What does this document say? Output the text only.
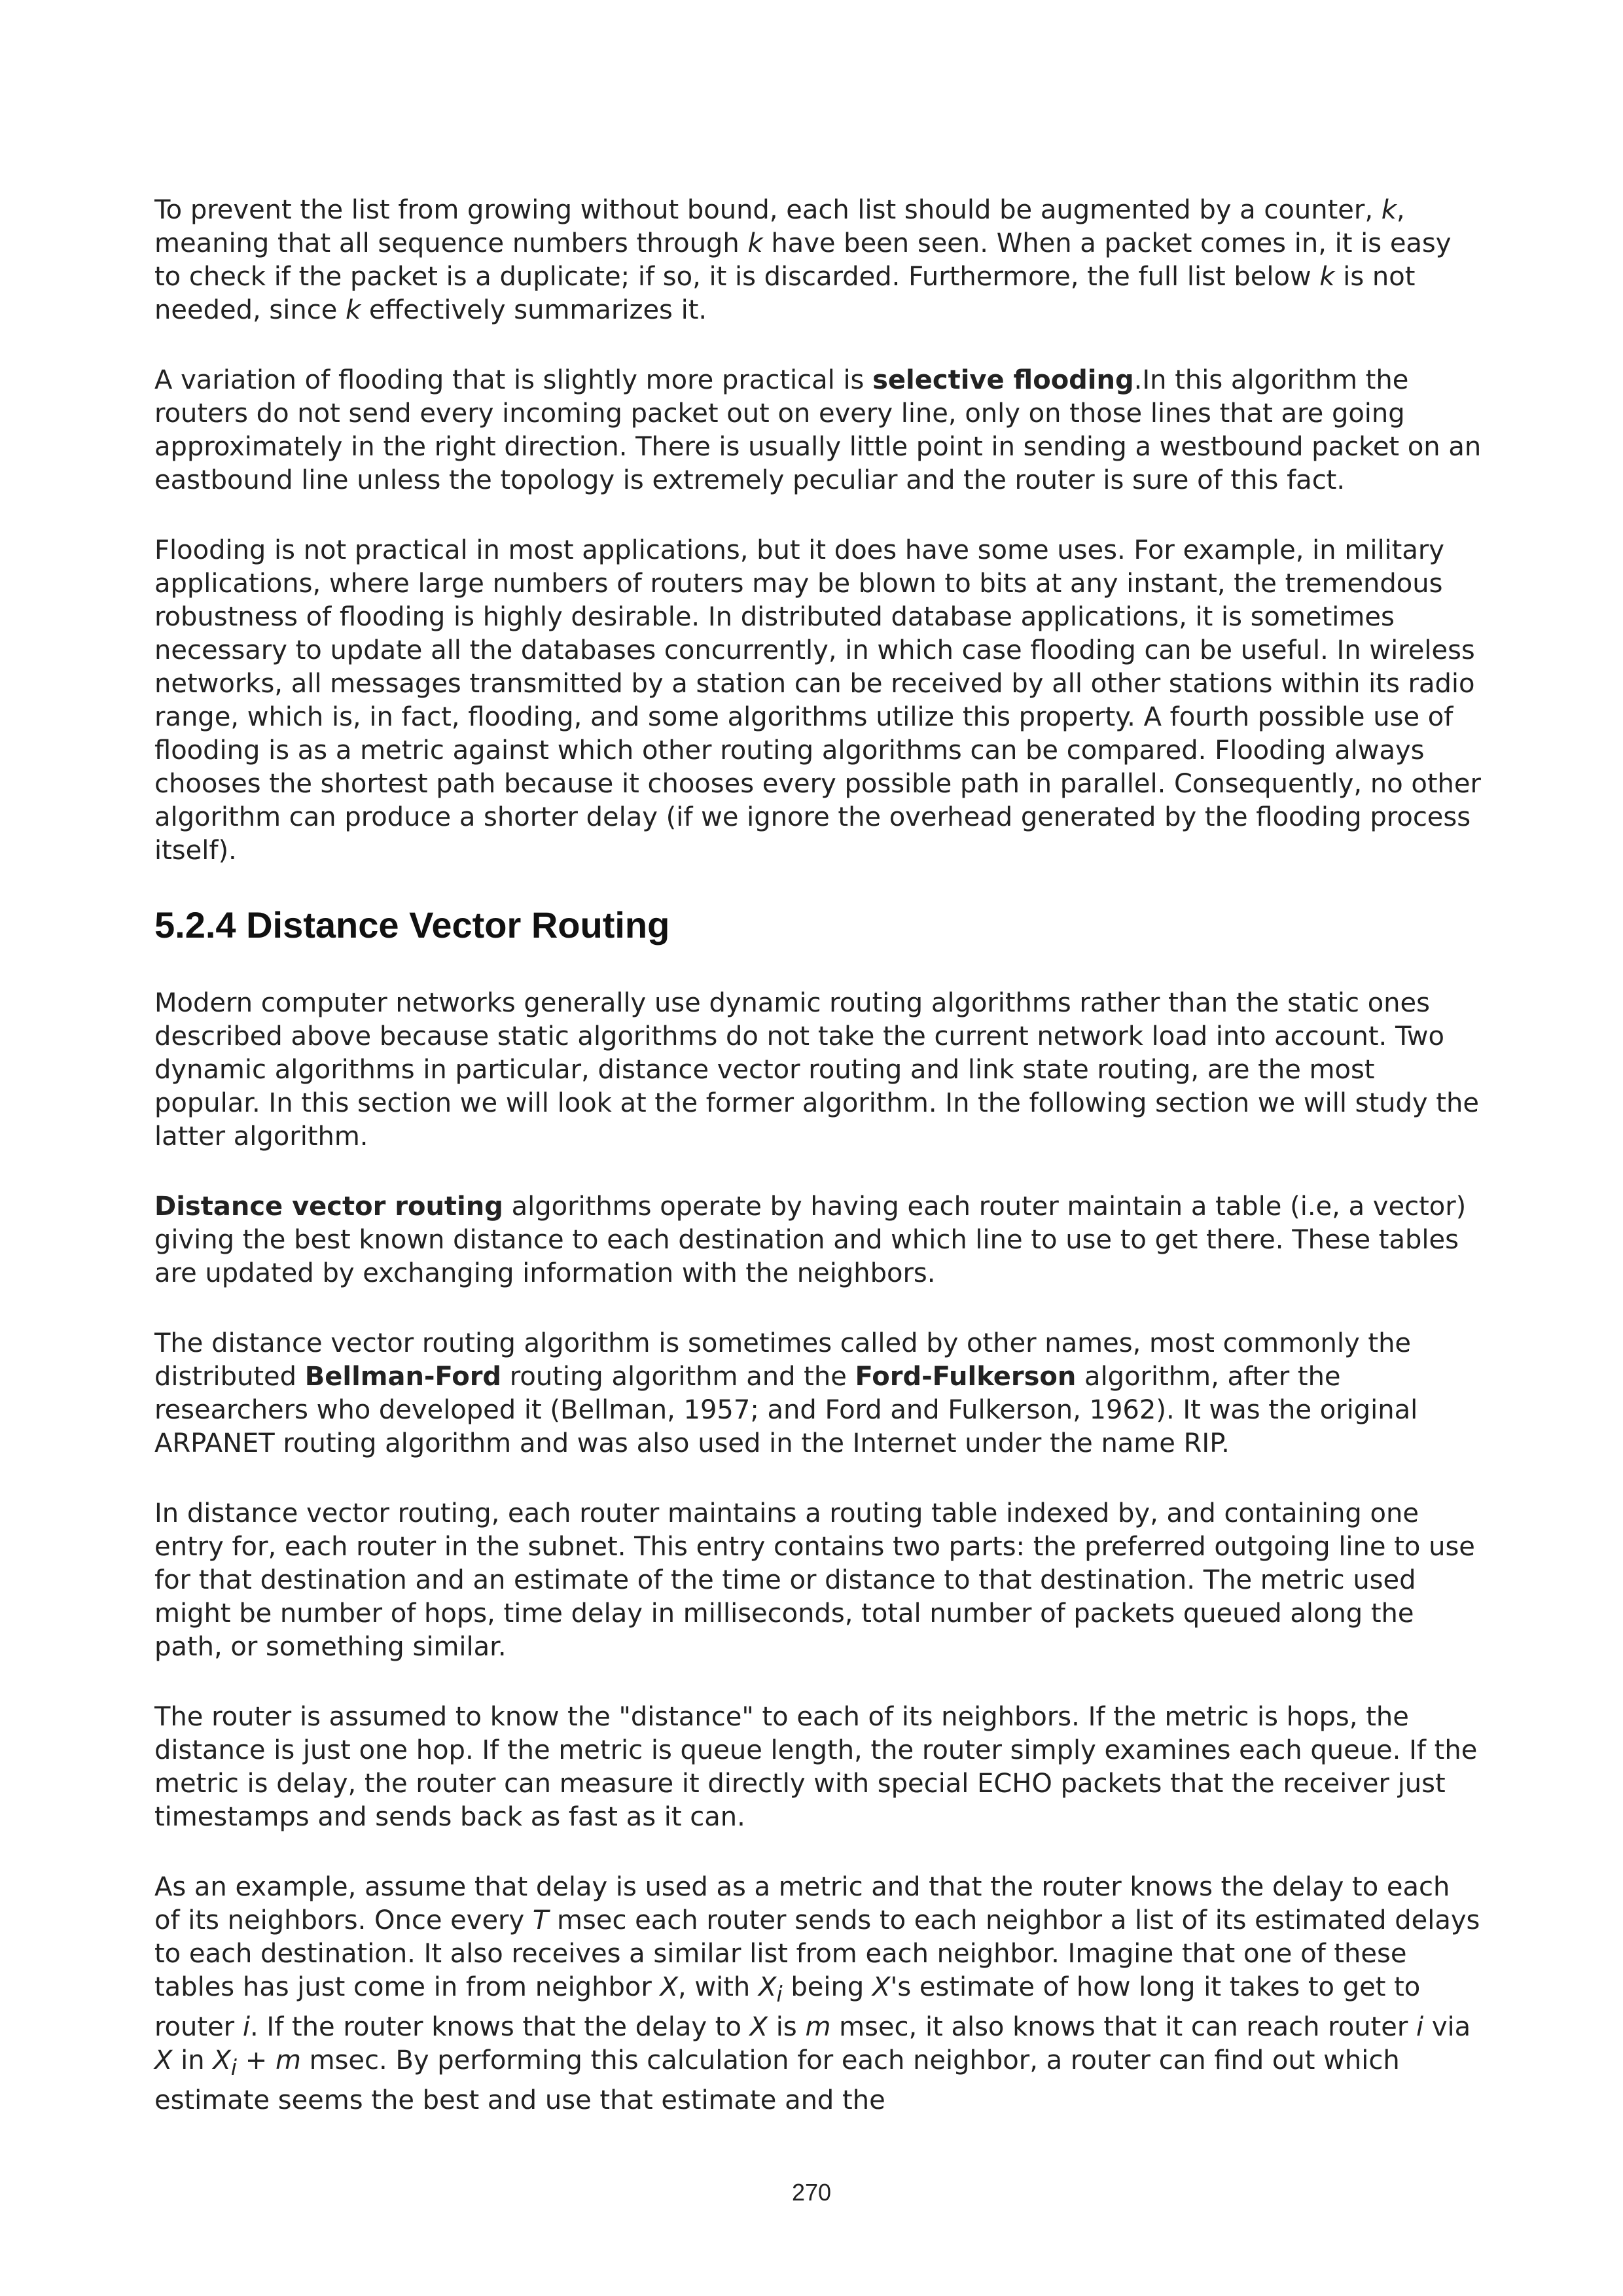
To prevent the list from growing without bound, each list should be augmented by a counter, k, meaning that all sequence numbers through k have been seen. When a packet comes in, it is easy to check if the packet is a duplicate; if so, it is discarded. Furthermore, the full list below k is not needed, since k effectively summarizes it.

A variation of flooding that is slightly more practical is selective flooding.In this algorithm the routers do not send every incoming packet out on every line, only on those lines that are going approximately in the right direction. There is usually little point in sending a westbound packet on an eastbound line unless the topology is extremely peculiar and the router is sure of this fact.

Flooding is not practical in most applications, but it does have some uses. For example, in military applications, where large numbers of routers may be blown to bits at any instant, the tremendous robustness of flooding is highly desirable. In distributed database applications, it is sometimes necessary to update all the databases concurrently, in which case flooding can be useful. In wireless networks, all messages transmitted by a station can be received by all other stations within its radio range, which is, in fact, flooding, and some algorithms utilize this property. A fourth possible use of flooding is as a metric against which other routing algorithms can be compared. Flooding always chooses the shortest path because it chooses every possible path in parallel. Consequently, no other algorithm can produce a shorter delay (if we ignore the overhead generated by the flooding process itself).

5.2.4 Distance Vector Routing

Modern computer networks generally use dynamic routing algorithms rather than the static ones described above because static algorithms do not take the current network load into account. Two dynamic algorithms in particular, distance vector routing and link state routing, are the most popular. In this section we will look at the former algorithm. In the following section we will study the latter algorithm.

Distance vector routing algorithms operate by having each router maintain a table (i.e, a vector) giving the best known distance to each destination and which line to use to get there. These tables are updated by exchanging information with the neighbors.

The distance vector routing algorithm is sometimes called by other names, most commonly the distributed Bellman-Ford routing algorithm and the Ford-Fulkerson algorithm, after the researchers who developed it (Bellman, 1957; and Ford and Fulkerson, 1962). It was the original ARPANET routing algorithm and was also used in the Internet under the name RIP.

In distance vector routing, each router maintains a routing table indexed by, and containing one entry for, each router in the subnet. This entry contains two parts: the preferred outgoing line to use for that destination and an estimate of the time or distance to that destination. The metric used might be number of hops, time delay in milliseconds, total number of packets queued along the path, or something similar.

The router is assumed to know the "distance" to each of its neighbors. If the metric is hops, the distance is just one hop. If the metric is queue length, the router simply examines each queue. If the metric is delay, the router can measure it directly with special ECHO packets that the receiver just timestamps and sends back as fast as it can.

As an example, assume that delay is used as a metric and that the router knows the delay to each of its neighbors. Once every T msec each router sends to each neighbor a list of its estimated delays to each destination. It also receives a similar list from each neighbor. Imagine that one of these tables has just come in from neighbor X, with $X_i$ being X's estimate of how long it takes to get to router i. If the router knows that the delay to X is m msec, it also knows that it can reach router i via X in $X_i + m$ msec. By performing this calculation for each neighbor, a router can find out which estimate seems the best and use that estimate and the

270
